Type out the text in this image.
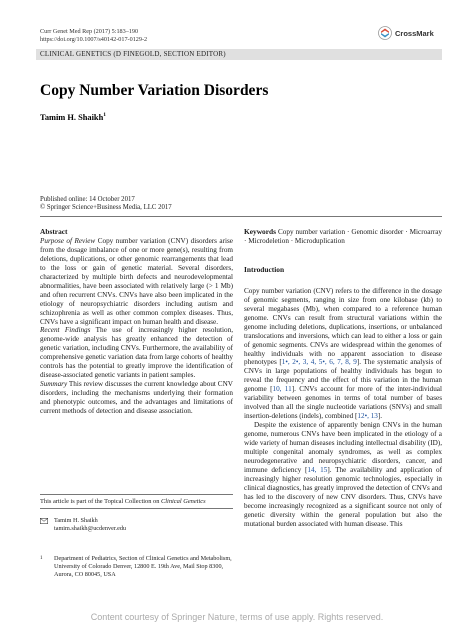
Curr Genet Med Rep (2017) 5:183–190
https://doi.org/10.1007/s40142-017-0129-2
CrossMark
CLINICAL GENETICS (D FINEGOLD, SECTION EDITOR)
Copy Number Variation Disorders
Tamim H. Shaikh$^1$
Published online: 14 October 2017
© Springer Science+Business Media, LLC 2017
Abstract

Purpose of Review Copy number variation (CNV) disorders arise from the dosage imbalance of one or more gene(s), resulting from deletions, duplications, or other genomic rearrangements that lead to the loss or gain of genetic material. Several disorders, characterized by multiple birth defects and neurodevelopmental abnormalities, have been associated with relatively large (> 1 Mb) and often recurrent CNVs. CNVs have also been implicated in the etiology of neuropsychiatric disorders including autism and schizophrenia as well as other common complex diseases. Thus, CNVs have a significant impact on human health and disease.

Recent Findings The use of increasingly higher resolution, genome-wide analysis has greatly enhanced the detection of genetic variation, including CNVs. Furthermore, the availability of comprehensive genetic variation data from large cohorts of healthy controls has the potential to greatly improve the identification of disease-associated genetic variants in patient samples.

Summary This review discusses the current knowledge about CNV disorders, including the mechanisms underlying their formation and phenotypic outcomes, and the advantages and limitations of current methods of detection and disease association.

Keywords Copy number variation · Genomic disorder · Microarray · Microdeletion · Microduplication

Introduction

Copy number variation (CNV) refers to the difference in the dosage of genomic segments, ranging in size from one kilobase (kb) to several megabases (Mb), when compared to a reference human genome. CNVs can result from structural variations within the genome including deletions, duplications, insertions, or unbalanced translocations and inversions, which can lead to either a loss or gain of genomic segments. CNVs are widespread within the genomes of healthy individuals with no apparent association to disease phenotypes [1•, 2•, 3, 4, 5•, 6, 7, 8, 9]. The systematic analysis of CNVs in large populations of healthy individuals has begun to reveal the frequency and the effect of this variation in the human genome [10, 11]. CNVs account for more of the inter-individual variability between genomes in terms of total number of bases involved than all the single nucleotide variations (SNVs) and small insertion-deletions (indels), combined [12•, 13].

Despite the existence of apparently benign CNVs in the human genome, numerous CNVs have been implicated in the etiology of a wide variety of human diseases including intellectual disability (ID), multiple congenital anomaly syndromes, as well as complex neurodegenerative and neuropsychiatric disorders, cancer, and immune deficiency [14, 15]. The availability and application of increasingly higher resolution genomic technologies, especially in clinical diagnostics, has greatly improved the detection of CNVs and has led to the discovery of new CNV disorders. Thus, CNVs have become increasingly recognized as a significant source not only of genetic diversity within the general population but also the mutational burden associated with human disease. This

This article is part of the Topical Collection on Clinical Genetics
Tamim H. Shaikh
tamim.shaikh@ucdenver.edu
1 Department of Pediatrics, Section of Clinical Genetics and Metabolism, University of Colorado Denver, 12800 E. 19th Ave, Mail Stop 8300, Aurora, CO 80045, USA
Content courtesy of Springer Nature, terms of use apply. Rights reserved.
